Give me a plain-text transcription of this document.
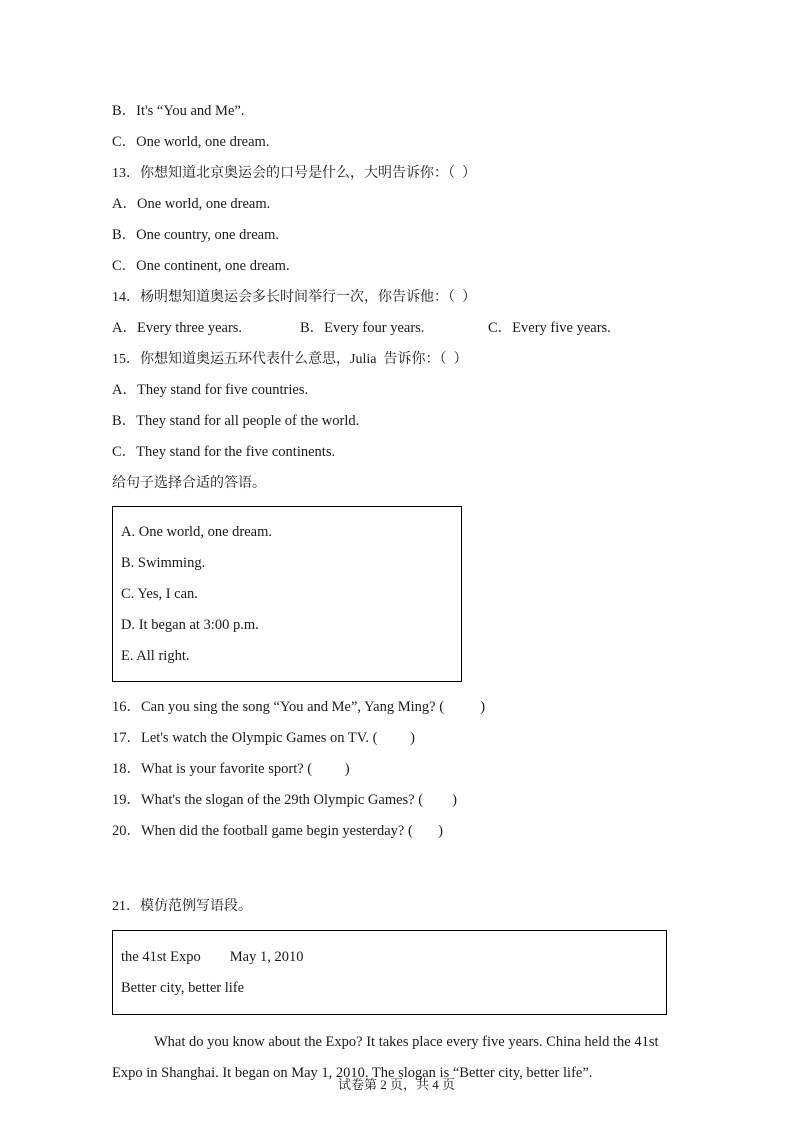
B．It's “You and Me”.
C．One world, one dream.
13．你想知道北京奥运会的口号是什么，大明告诉你：（  ）
A．One world, one dream.
B．One country, one dream.
C．One continent, one dream.
14．杨明想知道奥运会多长时间举行一次，你告诉他：（  ）

A．Every three years.

	B．Every four years.

	C．Every five years.

15．你想知道奥运五环代表什么意思，Julia  告诉你：（  ）
A．They stand for five countries.
B．They stand for all people of the world.
C．They stand for the five continents.
给句子选择合适的答语。
A. One world, one dream.
B. Swimming.
C. Yes, I can.
D. It began at 3:00 p.m.
E. All right.
16．Can you sing the song “You and Me”, Yang Ming? (          )
17．Let's watch the Olympic Games on TV. (         )
18．What is your favorite sport? (         )
19．What's the slogan of the 29th Olympic Games? (        )
20．When did the football game begin yesterday? (       )
21．模仿范例写语段。
the 41st Expo        May 1, 2010
Better city, better life
What do you know about the Expo? It takes place every five years. China held the 41st Expo in Shanghai. It began on May 1, 2010. The slogan is “Better city, better life”.
试卷第 2 页，共 4 页
